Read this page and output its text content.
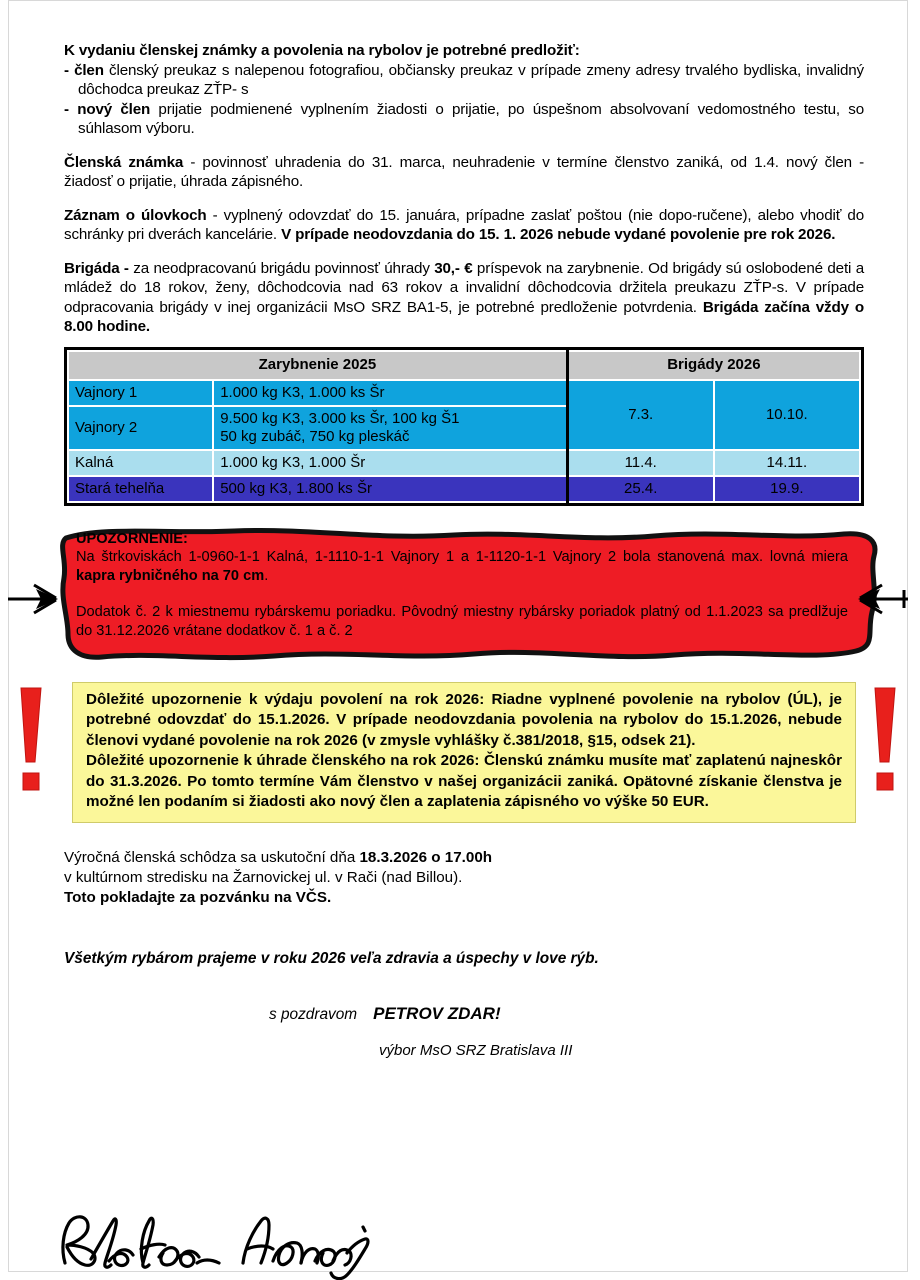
K vydaniu členskej známky a povolenia na rybolov je potrebné predložiť:
- člen členský preukaz s nalepenou fotografiou, občiansky preukaz v prípade zmeny adresy trvalého bydliska, invalidný dôchodca preukaz ZŤP- s
- nový člen prijatie podmienené vyplnením žiadosti o prijatie, po úspešnom absolvovaní vedomostného testu, so súhlasom výboru.
Členská známka - povinnosť uhradenia do 31. marca, neuhradenie v termíne členstvo zaniká, od 1.4. nový člen - žiadosť o prijatie, úhrada zápisného.
Záznam o úlovkoch - vyplnený odovzdať do 15. januára, prípadne zaslať poštou (nie dopo-ručene), alebo vhodiť do schránky pri dverách kancelárie. V prípade neodovzdania do 15. 1. 2026 nebude vydané povolenie pre rok 2026.
Brigáda - za neodpracovanú brigádu povinnosť úhrady 30,- € príspevok na zarybnenie. Od brigády sú oslobodené deti a mládež do 18 rokov, ženy, dôchodcovia nad 63 rokov a invalidní dôchodcovia držitela preukazu ZŤP-s. V prípade odpracovania brigády v inej organizácii MsO SRZ BA1-5, je potrebné predloženie potvrdenia. Brigáda začína vždy o 8.00 hodine.
Zarybnenie 2025		Brigády 2026	
Vajnory 1	1.000 kg K3, 1.000 ks Šr	7.3.	10.10.
Vajnory 2	9.500 kg K3, 3.000 ks Šr, 100 kg Š1
50 kg zubáč, 750 kg pleskáč		
Kalná	1.000 kg K3, 1.000 Šr	11.4.	14.11.
Stará tehelňa	500 kg K3, 1.800 ks Šr	25.4.	19.9.

UPOZORNENIE:

Na štrkoviskách 1-0960-1-1 Kalná, 1-1110-1-1 Vajnory 1 a 1-1120-1-1 Vajnory 2 bola stanovená max. lovná miera kapra rybničného na 70 cm.

Dodatok č. 2 k miestnemu rybárskemu poriadku. Pôvodný miestny rybársky poriadok platný od 1.1.2023 sa predlžuje do 31.12.2026 vrátane dodatkov č. 1 a č. 2

Dôležité upozornenie k výdaju povolení na rok 2026: Riadne vyplnené povolenie na rybolov (ÚL), je potrebné odovzdať do 15.1.2026. V prípade neodovzdania povolenia na rybolov do 15.1.2026, nebude členovi vydané povolenie na rok 2026 (v zmysle vyhlášky č.381/2018, §15, odsek 21).

Dôležité upozornenie k úhrade členského na rok 2026: Členskú známku musíte mať zaplatenú najneskôr do 31.3.2026. Po tomto termíne Vám členstvo v našej organizácii zaniká. Opätovné získanie členstva je možné len podaním si žiadosti ako nový člen a zaplatenia zápisného vo výške 50 EUR.

Výročná členská schôdza sa uskutoční dňa 18.3.2026 o 17.00h
v kultúrnom stredisku na Žarnovickej ul. v Rači (nad Billou).
Toto pokladajte za pozvánku na VČS.
Všetkým rybárom prajeme v roku 2026 veľa zdravia a úspechy v love rýb.
s pozdravom PETROV ZDAR!
výbor MsO SRZ Bratislava III
